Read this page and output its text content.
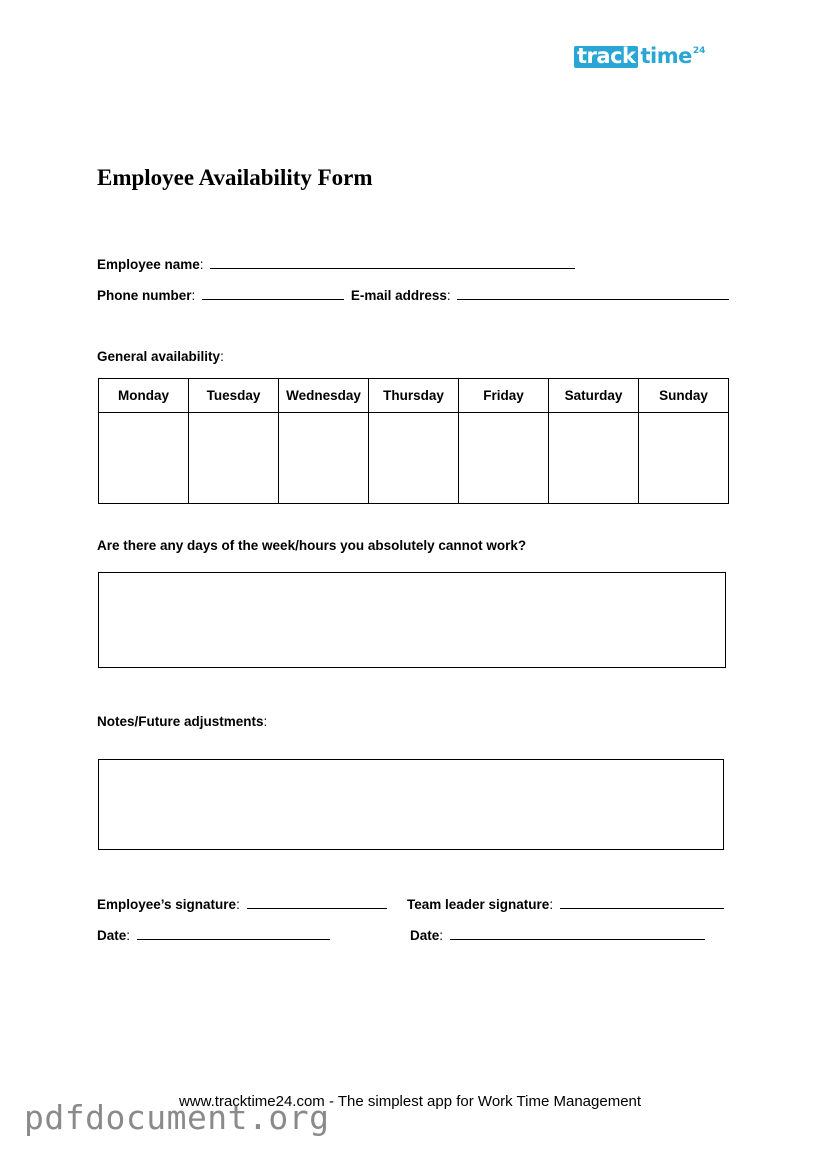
track time 24
Employee Availability Form
Employee name:
Phone number:	E-mail address:
General availability:
Monday	Tuesday	Wednesday	Thursday	Friday	Saturday	Sunday

Are there any days of the week/hours you absolutely cannot work?
Notes/Future adjustments:
Employee’s signature:	Team leader signature:
Date:	Date:
www.tracktime24.com - The simplest app for Work Time Management
pdfdocument.org
